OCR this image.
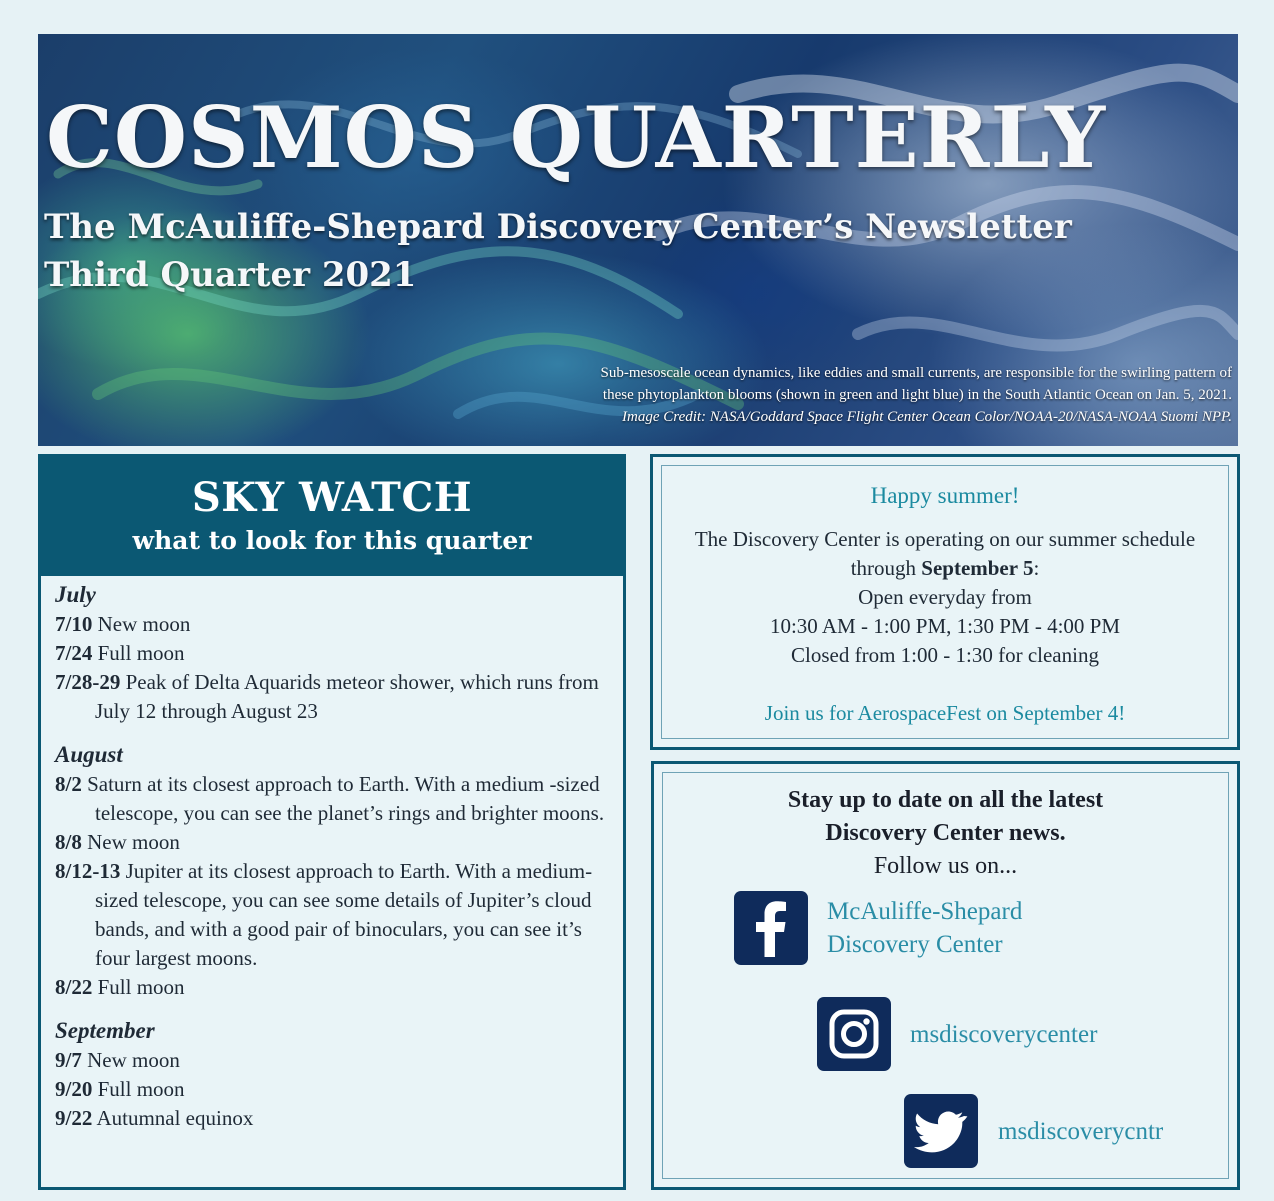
COSMOS QUARTERLY
The McAuliffe-Shepard Discovery Center’s Newsletter
Third Quarter 2021
Sub-mesoscale ocean dynamics, like eddies and small currents, are responsible for the swirling pattern of
these phytoplankton blooms (shown in green and light blue) in the South Atlantic Ocean on Jan. 5, 2021.
Image Credit: NASA/Goddard Space Flight Center Ocean Color/NOAA-20/NASA-NOAA Suomi NPP.
SKY WATCH
what to look for this quarter
July
7/10 New moon
7/24 Full moon
7/28-29 Peak of Delta Aquarids meteor shower, which runs from July 12 through August 23
August
8/2 Saturn at its closest approach to Earth. With a medium -sized telescope, you can see the planet’s rings and brighter moons.
8/8 New moon
8/12-13 Jupiter at its closest approach to Earth. With a medium-sized telescope, you can see some details of Jupiter’s cloud bands, and with a good pair of binoculars, you can see it’s four largest moons.
8/22 Full moon
September
9/7 New moon
9/20 Full moon
9/22 Autumnal equinox
Happy summer!
The Discovery Center is operating on our summer schedule
through September 5:
Open everyday from
10:30 AM - 1:00 PM, 1:30 PM - 4:00 PM
Closed from 1:00 - 1:30 for cleaning
Join us for AerospaceFest on September 4!
Stay up to date on all the latest
Discovery Center news.
Follow us on...
McAuliffe-Shepard
Discovery Center
msdiscoverycenter
msdiscoverycntr
